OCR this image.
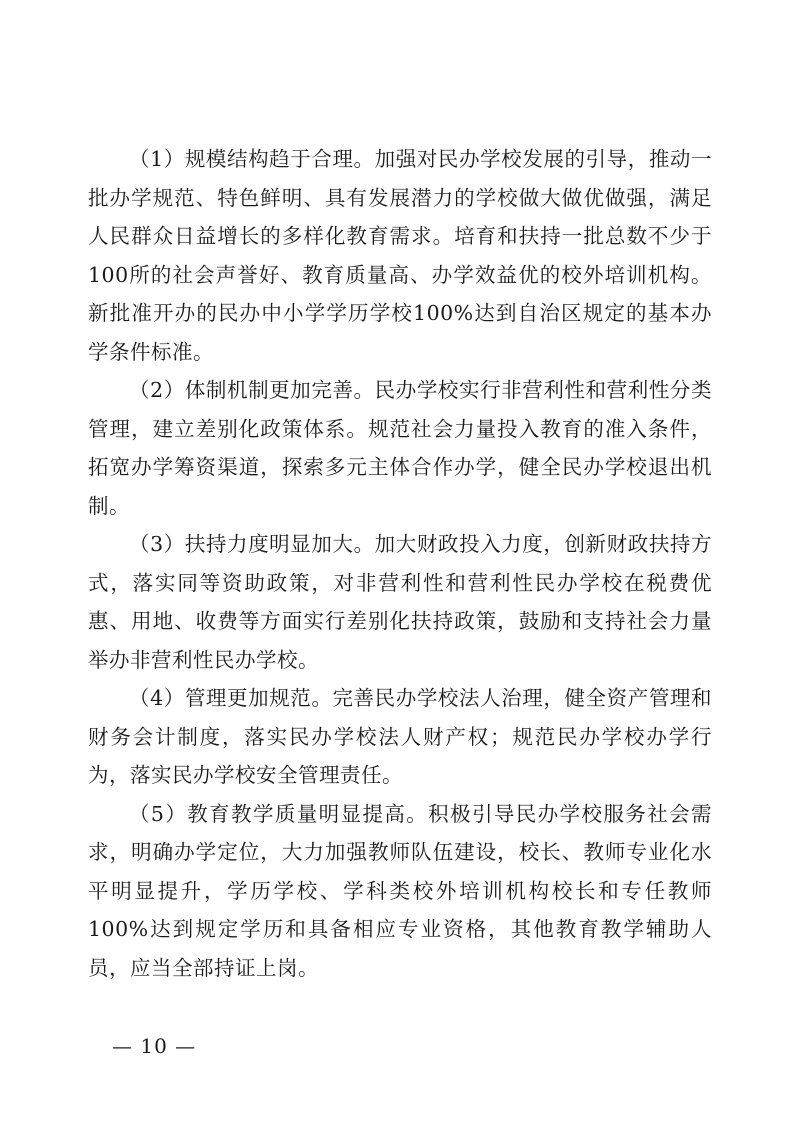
（1）规模结构趋于合理。加强对民办学校发展的引导，推动一批办学规范、特色鲜明、具有发展潜力的学校做大做优做强，满足人民群众日益增长的多样化教育需求。培育和扶持一批总数不少于100所的社会声誉好、教育质量高、办学效益优的校外培训机构。新批准开办的民办中小学学历学校100%达到自治区规定的基本办学条件标准。

（2）体制机制更加完善。民办学校实行非营利性和营利性分类管理，建立差别化政策体系。规范社会力量投入教育的准入条件，拓宽办学筹资渠道，探索多元主体合作办学，健全民办学校退出机制。

（3）扶持力度明显加大。加大财政投入力度，创新财政扶持方式，落实同等资助政策，对非营利性和营利性民办学校在税费优惠、用地、收费等方面实行差别化扶持政策，鼓励和支持社会力量举办非营利性民办学校。

（4）管理更加规范。完善民办学校法人治理，健全资产管理和财务会计制度，落实民办学校法人财产权；规范民办学校办学行为，落实民办学校安全管理责任。

（5）教育教学质量明显提高。积极引导民办学校服务社会需求，明确办学定位，大力加强教师队伍建设，校长、教师专业化水平明显提升，学历学校、学科类校外培训机构校长和专任教师100%达到规定学历和具备相应专业资格，其他教育教学辅助人员，应当全部持证上岗。

— 10 —
